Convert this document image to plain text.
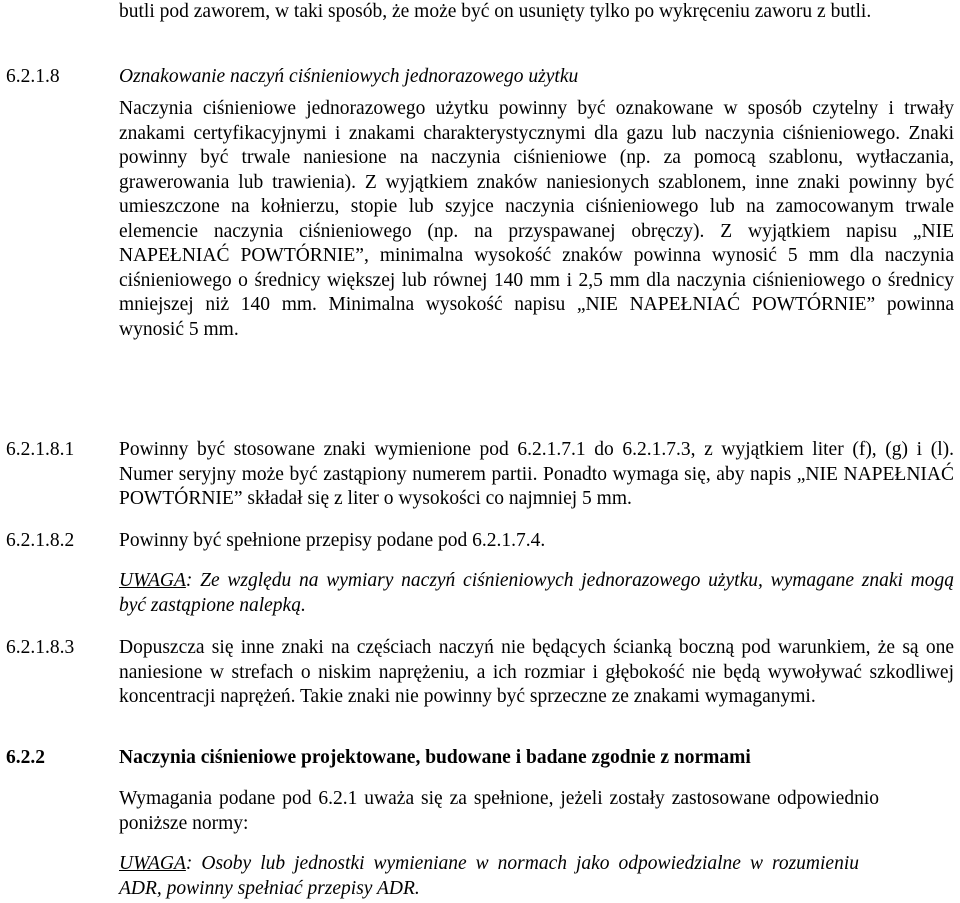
butli pod zaworem, w taki sposób, że może być on usunięty tylko po wykręceniu zaworu z butli.
6.2.1.8	Oznakowanie naczyń ciśnieniowych jednorazowego użytku
Naczynia ciśnieniowe jednorazowego użytku powinny być oznakowane w sposób czytelny i trwały znakami certyfikacyjnymi i znakami charakterystycznymi dla gazu lub naczynia ciśnieniowego. Znaki powinny być trwale naniesione na naczynia ciśnieniowe (np. za pomocą szablonu, wytłaczania, grawerowania lub trawienia). Z wyjątkiem znaków naniesionych szablonem, inne znaki powinny być umieszczone na kołnierzu, stopie lub szyjce naczynia ciśnieniowego lub na zamocowanym trwale elemencie naczynia ciśnieniowego (np. na przyspawanej obręczy). Z wyjątkiem napisu „NIE NAPEŁNIAĆ POWTÓRNIE”, minimalna wysokość znaków powinna wynosić 5 mm dla naczynia ciśnieniowego o średnicy większej lub równej 140 mm i 2,5 mm dla naczynia ciśnieniowego o średnicy mniejszej niż 140 mm. Minimalna wysokość napisu „NIE NAPEŁNIAĆ POWTÓRNIE” powinna wynosić 5 mm.
6.2.1.8.1 Powinny być stosowane znaki wymienione pod 6.2.1.7.1 do 6.2.1.7.3, z wyjątkiem liter (f), (g) i (l). Numer seryjny może być zastąpiony numerem partii. Ponadto wymaga się, aby napis „NIE NAPEŁNIAĆ POWTÓRNIE” składał się z liter o wysokości co najmniej 5 mm.
6.2.1.8.2 Powinny być spełnione przepisy podane pod 6.2.1.7.4.
UWAGA: Ze względu na wymiary naczyń ciśnieniowych jednorazowego użytku, wymagane znaki mogą być zastąpione nalepką.
6.2.1.8.3 Dopuszcza się inne znaki na częściach naczyń nie będących ścianką boczną pod warunkiem, że są one naniesione w strefach o niskim naprężeniu, a ich rozmiar i głębokość nie będą wywoływać szkodliwej koncentracji naprężeń. Takie znaki nie powinny być sprzeczne ze znakami wymaganymi.
6.2.2	Naczynia ciśnieniowe projektowane, budowane i badane zgodnie z normami
Wymagania podane pod 6.2.1 uważa się za spełnione, jeżeli zostały zastosowane odpowiednio poniższe normy:
UWAGA: Osoby lub jednostki wymieniane w normach jako odpowiedzialne w rozumieniu ADR, powinny spełniać przepisy ADR.
